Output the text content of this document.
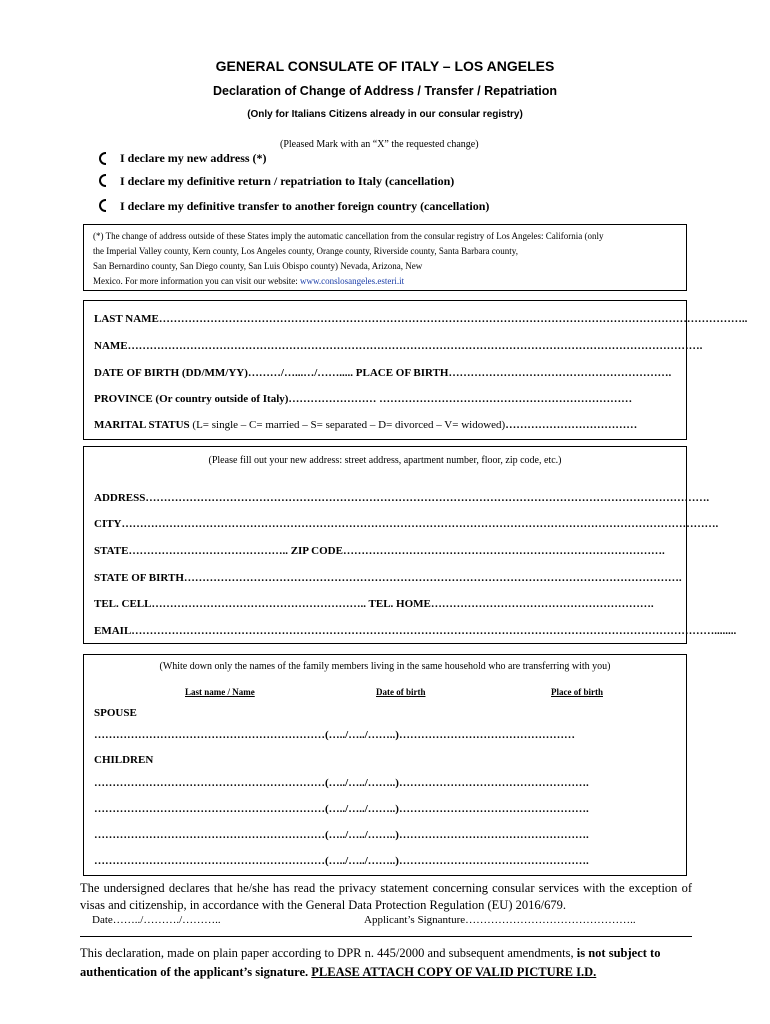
GENERAL CONSULATE OF ITALY – LOS ANGELES
Declaration of Change of Address / Transfer / Repatriation
(Only for Italians Citizens already in our consular registry)
(Pleased Mark with an “X” the requested change)
I declare my new address (*)
I declare my definitive return / repatriation to Italy (cancellation)
I declare my definitive transfer to another foreign country (cancellation)
(*) The change of address outside of these States imply the automatic cancellation from the consular registry of Los Angeles: California (only
the Imperial Valley county, Kern county, Los Angeles county, Orange county, Riverside county, Santa Barbara county,
San Bernardino county, San Diego county, San Luis Obispo county) Nevada, Arizona, New
Mexico. For more information you can visit our website: www.conslosangeles.esteri.it
LAST NAME……………………………………………………………………………………………………………………………………………..
NAME………………………………………………………………………………………………………………………………………….
DATE OF BIRTH (DD/MM/YY)………/…...…/……..... PLACE OF BIRTH…………………………………………………….
PROVINCE (Or country outside of Italy)…………………… ……………………………………………………………
MARITAL STATUS (L= single – C= married – S= separated – D= divorced – V= widowed)………………………………
(Please fill out your new address: street address, apartment number, floor, zip code, etc.)
ADDRESS……………………………………………………………………………………………………………………………………….
CITY……………………………………………………………………………………………………………………………………………….
STATE…………………………………….. ZIP CODE…………………………………………………………………………….
STATE OF BIRTH……………………………………………………………………………………………………………………….
TEL. CELL………………………………………………….. TEL. HOME…………………………………………………….
EMAIL……………………………………………………………………………………………………………………………………………........
(White down only the names of the family members living in the same household who are transferring with you)
Last name / Name	Date of birth	Place of birth
SPOUSE
………………………………………………………(…../…../……..)…………………………………………
CHILDREN
………………………………………………………(…../…../……..)…………………………………………….
………………………………………………………(…../…../……..)…………………………………………….
………………………………………………………(…../…../……..)…………………………………………….
………………………………………………………(…../…../……..)…………………………………………….
The undersigned declares that he/she has read the privacy statement concerning consular services with the exception of visas and citizenship, in accordance with the General Data Protection Regulation (EU) 2016/679.
Date……../………./………..	Applicant’s Signanture………………………………………..
This declaration, made on plain paper according to DPR n. 445/2000 and subsequent amendments, is not subject to authentication of the applicant’s signature. PLEASE ATTACH COPY OF VALID PICTURE I.D.
